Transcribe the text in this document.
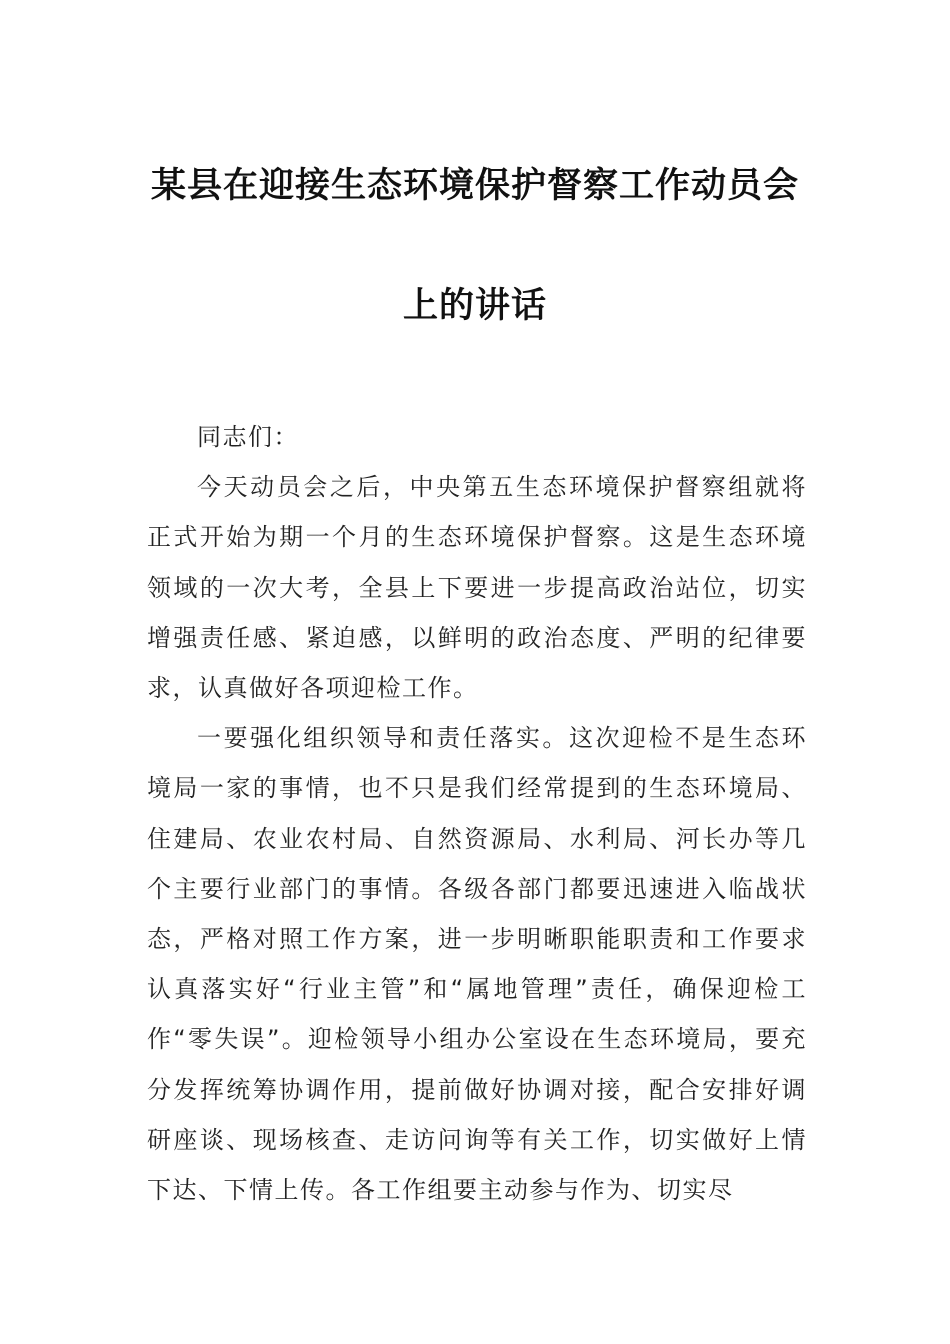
某县在迎接生态环境保护督察工作动员会
上的讲话

同志们：

今天动员会之后，中央第五生态环境保护督察组就将正式开始为期一个月的生态环境保护督察。这是生态环境领域的一次大考，全县上下要进一步提高政治站位，切实增强责任感、紧迫感，以鲜明的政治态度、严明的纪律要求，认真做好各项迎检工作。

一要强化组织领导和责任落实。这次迎检不是生态环境局一家的事情，也不只是我们经常提到的生态环境局、住建局、农业农村局、自然资源局、水利局、河长办等几个主要行业部门的事情。各级各部门都要迅速进入临战状态，严格对照工作方案，进一步明晰职能职责和工作要求认真落实好“行业主管”和“属地管理”责任，确保迎检工作“零失误”。迎检领导小组办公室设在生态环境局，要充分发挥统筹协调作用，提前做好协调对接，配合安排好调研座谈、现场核查、走访问询等有关工作，切实做好上情下达、下情上传。各工作组要主动参与作为、切实尽
